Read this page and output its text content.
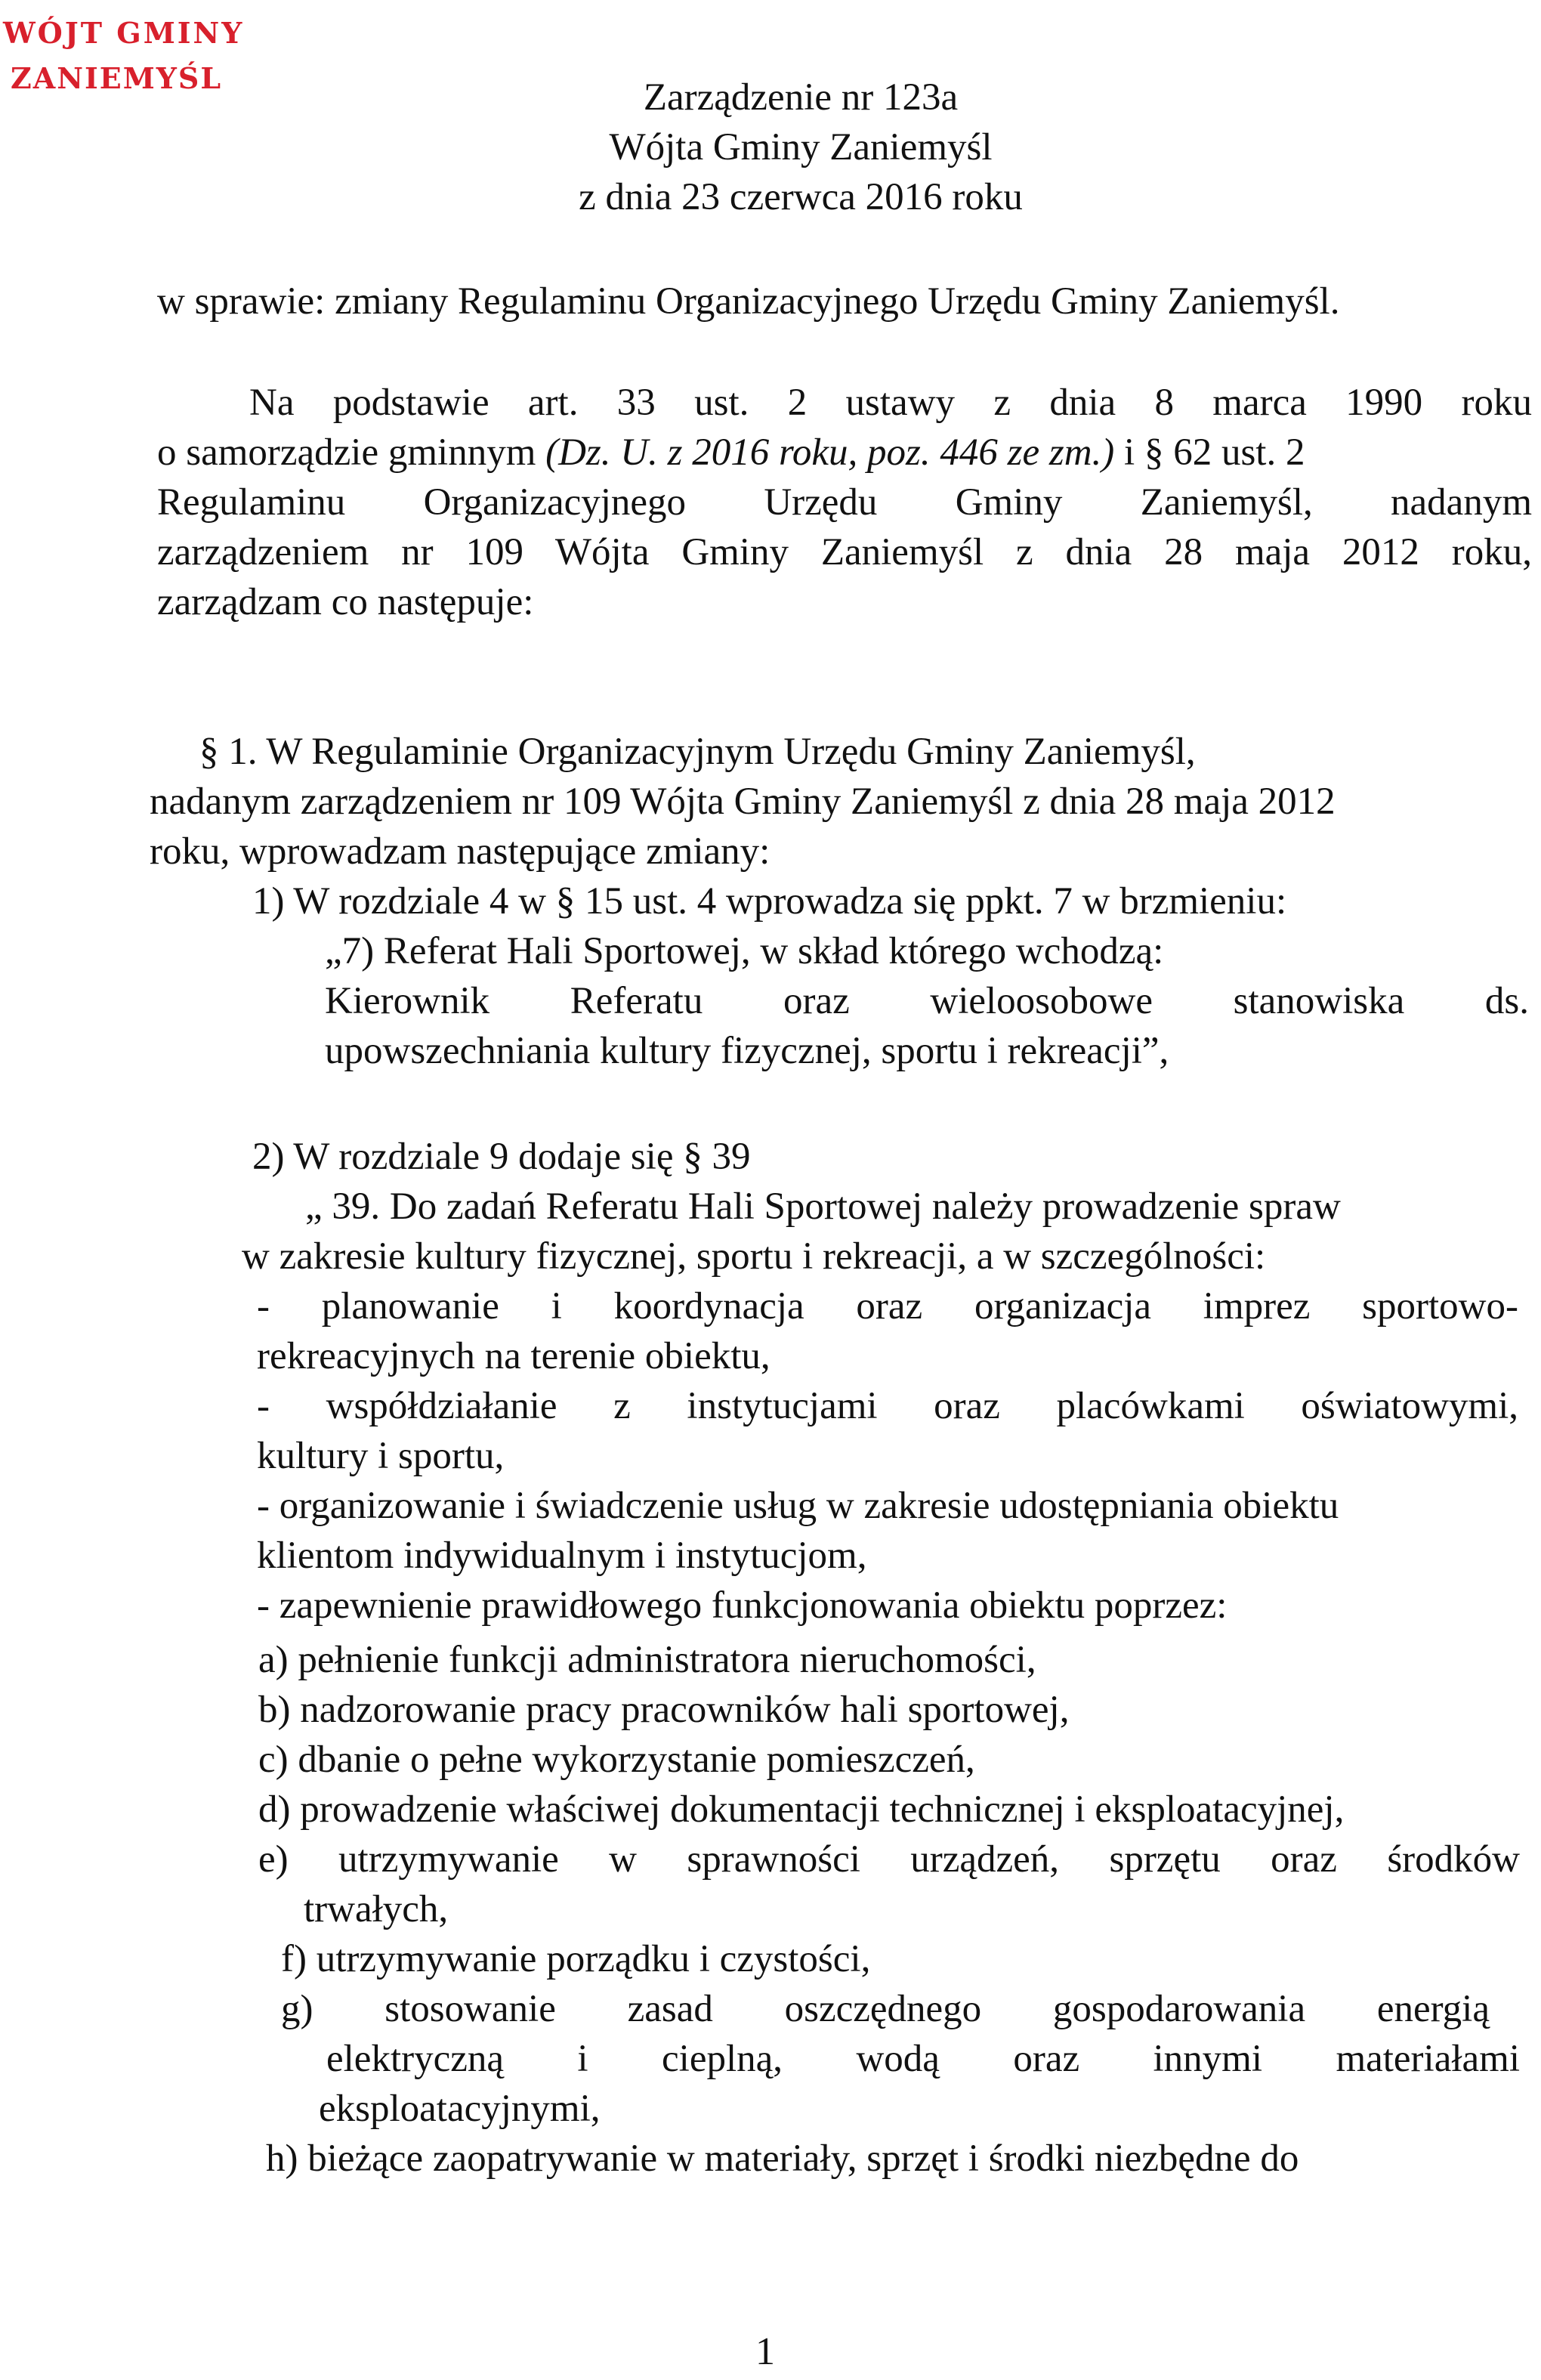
WÓJT GMINY
ZANIEMYŚL	Zarządzenie nr 123a
Wójta Gminy Zaniemyśl
z dnia 23 czerwca 2016 roku
w sprawie: zmiany Regulaminu Organizacyjnego Urzędu Gminy Zaniemyśl.
Na podstawie art. 33 ust. 2 ustawy z dnia 8 marca 1990 roku
o samorządzie gminnym (Dz. U. z 2016 roku, poz. 446 ze zm.) i § 62 ust. 2
Regulaminu Organizacyjnego Urzędu Gminy Zaniemyśl, nadanym
zarządzeniem nr 109 Wójta Gminy Zaniemyśl z dnia 28 maja 2012 roku,
zarządzam co następuje:
§ 1. W Regulaminie Organizacyjnym Urzędu Gminy Zaniemyśl,
nadanym zarządzeniem nr 109 Wójta Gminy Zaniemyśl z dnia 28 maja 2012
roku, wprowadzam następujące zmiany:
1) W rozdziale 4 w § 15 ust. 4 wprowadza się ppkt. 7 w brzmieniu:
„7) Referat Hali Sportowej, w skład którego wchodzą:
Kierownik Referatu oraz wieloosobowe stanowiska ds.
upowszechniania kultury fizycznej, sportu i rekreacji”,
2) W rozdziale 9 dodaje się § 39
„ 39. Do zadań Referatu Hali Sportowej należy prowadzenie spraw
w zakresie kultury fizycznej, sportu i rekreacji, a w szczególności:
- planowanie i koordynacja oraz organizacja imprez sportowo-
rekreacyjnych na terenie obiektu,
- współdziałanie z instytucjami oraz placówkami oświatowymi,
kultury i sportu,
- organizowanie i świadczenie usług w zakresie udostępniania obiektu
klientom indywidualnym i instytucjom,
- zapewnienie prawidłowego funkcjonowania obiektu poprzez:
a) pełnienie funkcji administratora nieruchomości,
b) nadzorowanie pracy pracowników hali sportowej,
c) dbanie o pełne wykorzystanie pomieszczeń,
d) prowadzenie właściwej dokumentacji technicznej i eksploatacyjnej,
e) utrzymywanie w sprawności urządzeń, sprzętu oraz środków
trwałych,
f) utrzymywanie porządku i czystości,
g) stosowanie zasad oszczędnego gospodarowania energią
elektryczną i cieplną, wodą oraz innymi materiałami
eksploatacyjnymi,
h) bieżące zaopatrywanie w materiały, sprzęt i środki niezbędne do
1
